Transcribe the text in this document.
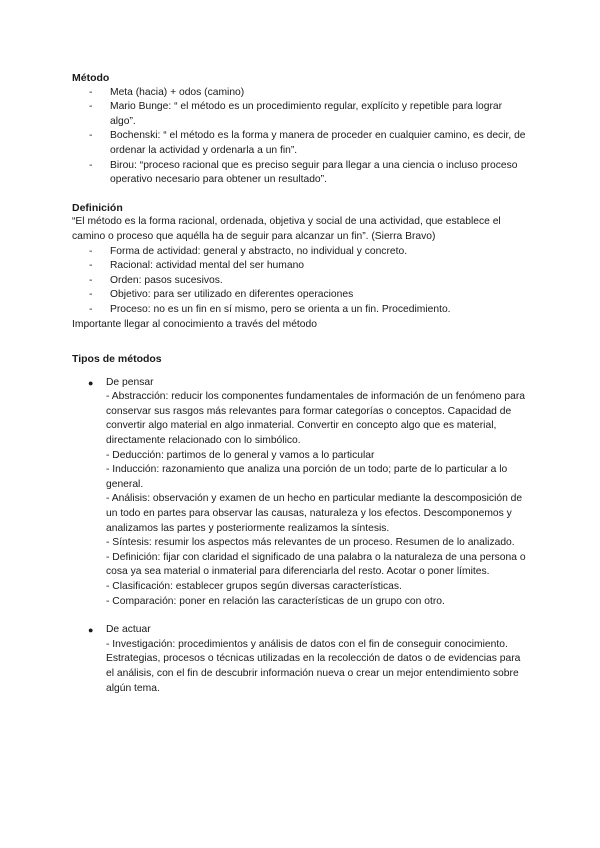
Método
-	Meta (hacia) + odos (camino)
-	Mario Bunge: “ el método es un procedimiento regular, explícito y repetible para lograr algo”.
-	Bochenski: “ el método es la forma y manera de proceder en cualquier camino, es decir, de ordenar la actividad y ordenarla a un fin”.
-	Birou: “proceso racional que es preciso seguir para llegar a una ciencia o incluso proceso operativo necesario para obtener un resultado”.
Definición

“El método es la forma racional, ordenada, objetiva y social de una actividad, que establece el camino o proceso que aquélla ha de seguir para alcanzar un fin”. (Sierra Bravo)

-	Forma de actividad: general y abstracto, no individual y concreto.
-	Racional: actividad mental del ser humano
-	Orden: pasos sucesivos.
-	Objetivo: para ser utilizado en diferentes operaciones
-	Proceso: no es un fin en sí mismo, pero se orienta a un fin. Procedimiento.

Importante llegar al conocimiento a través del método

Tipos de métodos
● De pensar

- Abstracción: reducir los componentes fundamentales de información de un fenómeno para conservar sus rasgos más relevantes para formar categorías o conceptos. Capacidad de convertir algo material en algo inmaterial. Convertir en concepto algo que es material, directamente relacionado con lo simbólico.

- Deducción: partimos de lo general y vamos a lo particular

- Inducción: razonamiento que analiza una porción de un todo; parte de lo particular a lo general.

- Análisis: observación y examen de un hecho en particular mediante la descomposición de un todo en partes para observar las causas, naturaleza y los efectos. Descomponemos y analizamos las partes y posteriormente realizamos la síntesis.

- Síntesis: resumir los aspectos más relevantes de un proceso. Resumen de lo analizado.

- Definición: fijar con claridad el significado de una palabra o la naturaleza de una persona o cosa ya sea material o inmaterial para diferenciarla del resto. Acotar o poner límites.

- Clasificación: establecer grupos según diversas características.

- Comparación: poner en relación las características de un grupo con otro.

● De actuar

- Investigación: procedimientos y análisis de datos con el fin de conseguir conocimiento. Estrategias, procesos o técnicas utilizadas en la recolección de datos o de evidencias para el análisis, con el fin de descubrir información nueva o crear un mejor entendimiento sobre algún tema.
